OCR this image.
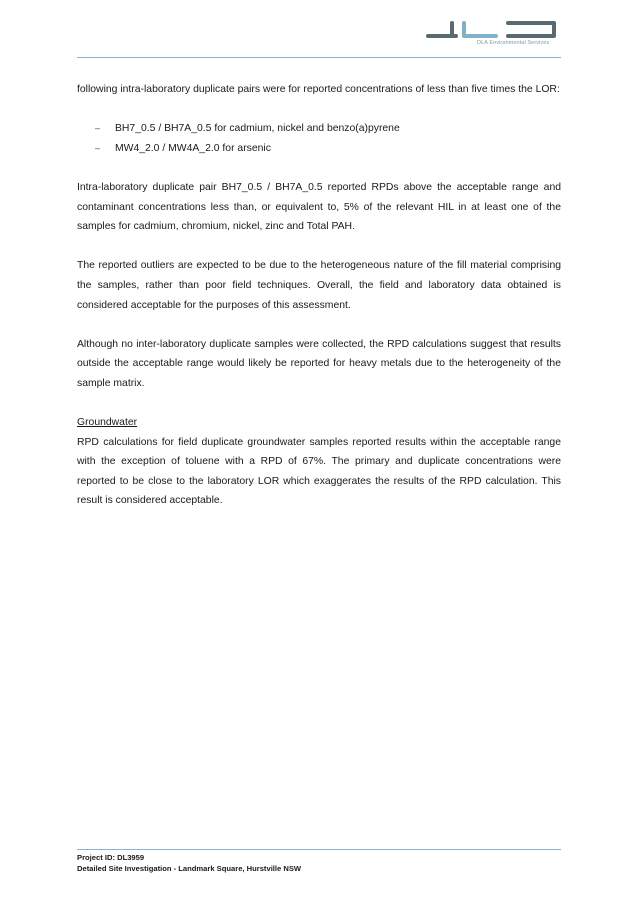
DLA Environmental Services

following intra-laboratory duplicate pairs were for reported concentrations of less than five times the LOR:

– BH7_0.5 / BH7A_0.5 for cadmium, nickel and benzo(a)pyrene
– MW4_2.0 / MW4A_2.0 for arsenic

Intra-laboratory duplicate pair BH7_0.5 / BH7A_0.5 reported RPDs above the acceptable range and contaminant concentrations less than, or equivalent to, 5% of the relevant HIL in at least one of the samples for cadmium, chromium, nickel, zinc and Total PAH.

The reported outliers are expected to be due to the heterogeneous nature of the fill material comprising the samples, rather than poor field techniques. Overall, the field and laboratory data obtained is considered acceptable for the purposes of this assessment.

Although no inter-laboratory duplicate samples were collected, the RPD calculations suggest that results outside the acceptable range would likely be reported for heavy metals due to the heterogeneity of the sample matrix.

Groundwater

RPD calculations for field duplicate groundwater samples reported results within the acceptable range with the exception of toluene with a RPD of 67%. The primary and duplicate concentrations were reported to be close to the laboratory LOR which exaggerates the results of the RPD calculation. This result is considered acceptable.

Project ID: DL3959
Detailed Site Investigation - Landmark Square, Hurstville NSW
